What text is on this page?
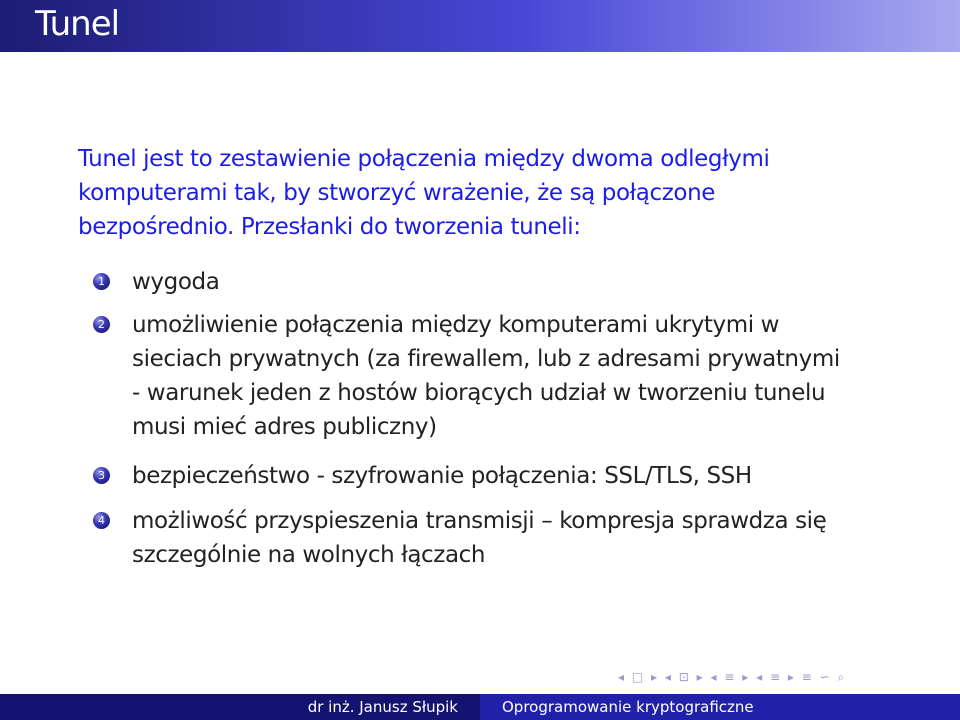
Tunel

Tunel jest to zestawienie połączenia między dwoma odległymi komputerami tak, by stworzyć wrażenie, że są połączone bezpośrednio. Przesłanki do tworzenia tuneli:

1 wygoda
2 umożliwienie połączenia między komputerami ukrytymi w sieciach prywatnych (za firewallem, lub z adresami prywatnymi - warunek jeden z hostów biorących udział w tworzeniu tunelu musi mieć adres publiczny)
3 bezpieczeństwo - szyfrowanie połączenia: SSL/TLS, SSH
4 możliwość przyspieszenia transmisji – kompresja sprawdza się szczególnie na wolnych łączach
◂ □ ▸ ◂ ⊡ ▸ ◂ ≡ ▸ ◂ ≡ ▸ ≡ ∽ ⌕
dr inż. Janusz Słupik	Oprogramowanie kryptograficzne
